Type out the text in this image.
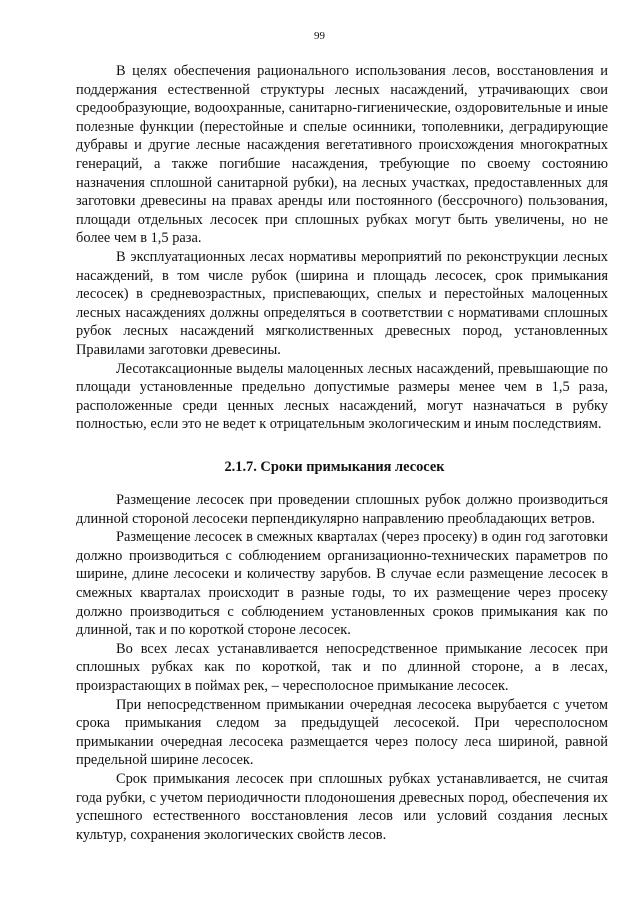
99

В целях обеспечения рационального использования лесов, восстановления и поддержания естественной структуры лесных насаждений, утрачивающих свои средообразующие, водоохранные, санитарно-гигиенические, оздоровительные и иные полезные функции (перестойные и спелые осинники, тополевники, деградирующие дубравы и другие лесные насаждения вегетативного происхождения многократных генераций, а также погибшие насаждения, требующие по своему состоянию назначения сплошной санитарной рубки), на лесных участках, предоставленных для заготовки древесины на правах аренды или постоянного (бессрочного) пользования, площади отдельных лесосек при сплошных рубках могут быть увеличены, но не более чем в 1,5 раза.

В эксплуатационных лесах нормативы мероприятий по реконструкции лесных насаждений, в том числе рубок (ширина и площадь лесосек, срок примыкания лесосек) в средневозрастных, приспевающих, спелых и перестойных малоценных лесных насаждениях должны определяться в соответствии с нормативами сплошных рубок лесных насаждений мягколиственных древесных пород, установленных Правилами заготовки древесины.

Лесотаксационные выделы малоценных лесных насаждений, превышающие по площади установленные предельно допустимые размеры менее чем в 1,5 раза, расположенные среди ценных лесных насаждений, могут назначаться в рубку полностью, если это не ведет к отрицательным экологическим и иным последствиям.

2.1.7. Сроки примыкания лесосек

Размещение лесосек при проведении сплошных рубок должно производиться длинной стороной лесосеки перпендикулярно направлению преобладающих ветров.

Размещение лесосек в смежных кварталах (через просеку) в один год заготовки должно производиться с соблюдением организационно-технических параметров по ширине, длине лесосеки и количеству зарубов. В случае если размещение лесосек в смежных кварталах происходит в разные годы, то их размещение через просеку должно производиться с соблюдением установленных сроков примыкания как по длинной, так и по короткой стороне лесосек.

Во всех лесах устанавливается непосредственное примыкание лесосек при сплошных рубках как по короткой, так и по длинной стороне, а в лесах, произрастающих в поймах рек, – чересполосное примыкание лесосек.

При непосредственном примыкании очередная лесосека вырубается с учетом срока примыкания следом за предыдущей лесосекой. При чересполосном примыкании очередная лесосека размещается через полосу леса шириной, равной предельной ширине лесосек.

Срок примыкания лесосек при сплошных рубках устанавливается, не считая года рубки, с учетом периодичности плодоношения древесных пород, обеспечения их успешного естественного восстановления лесов или условий создания лесных культур, сохранения экологических свойств лесов.
